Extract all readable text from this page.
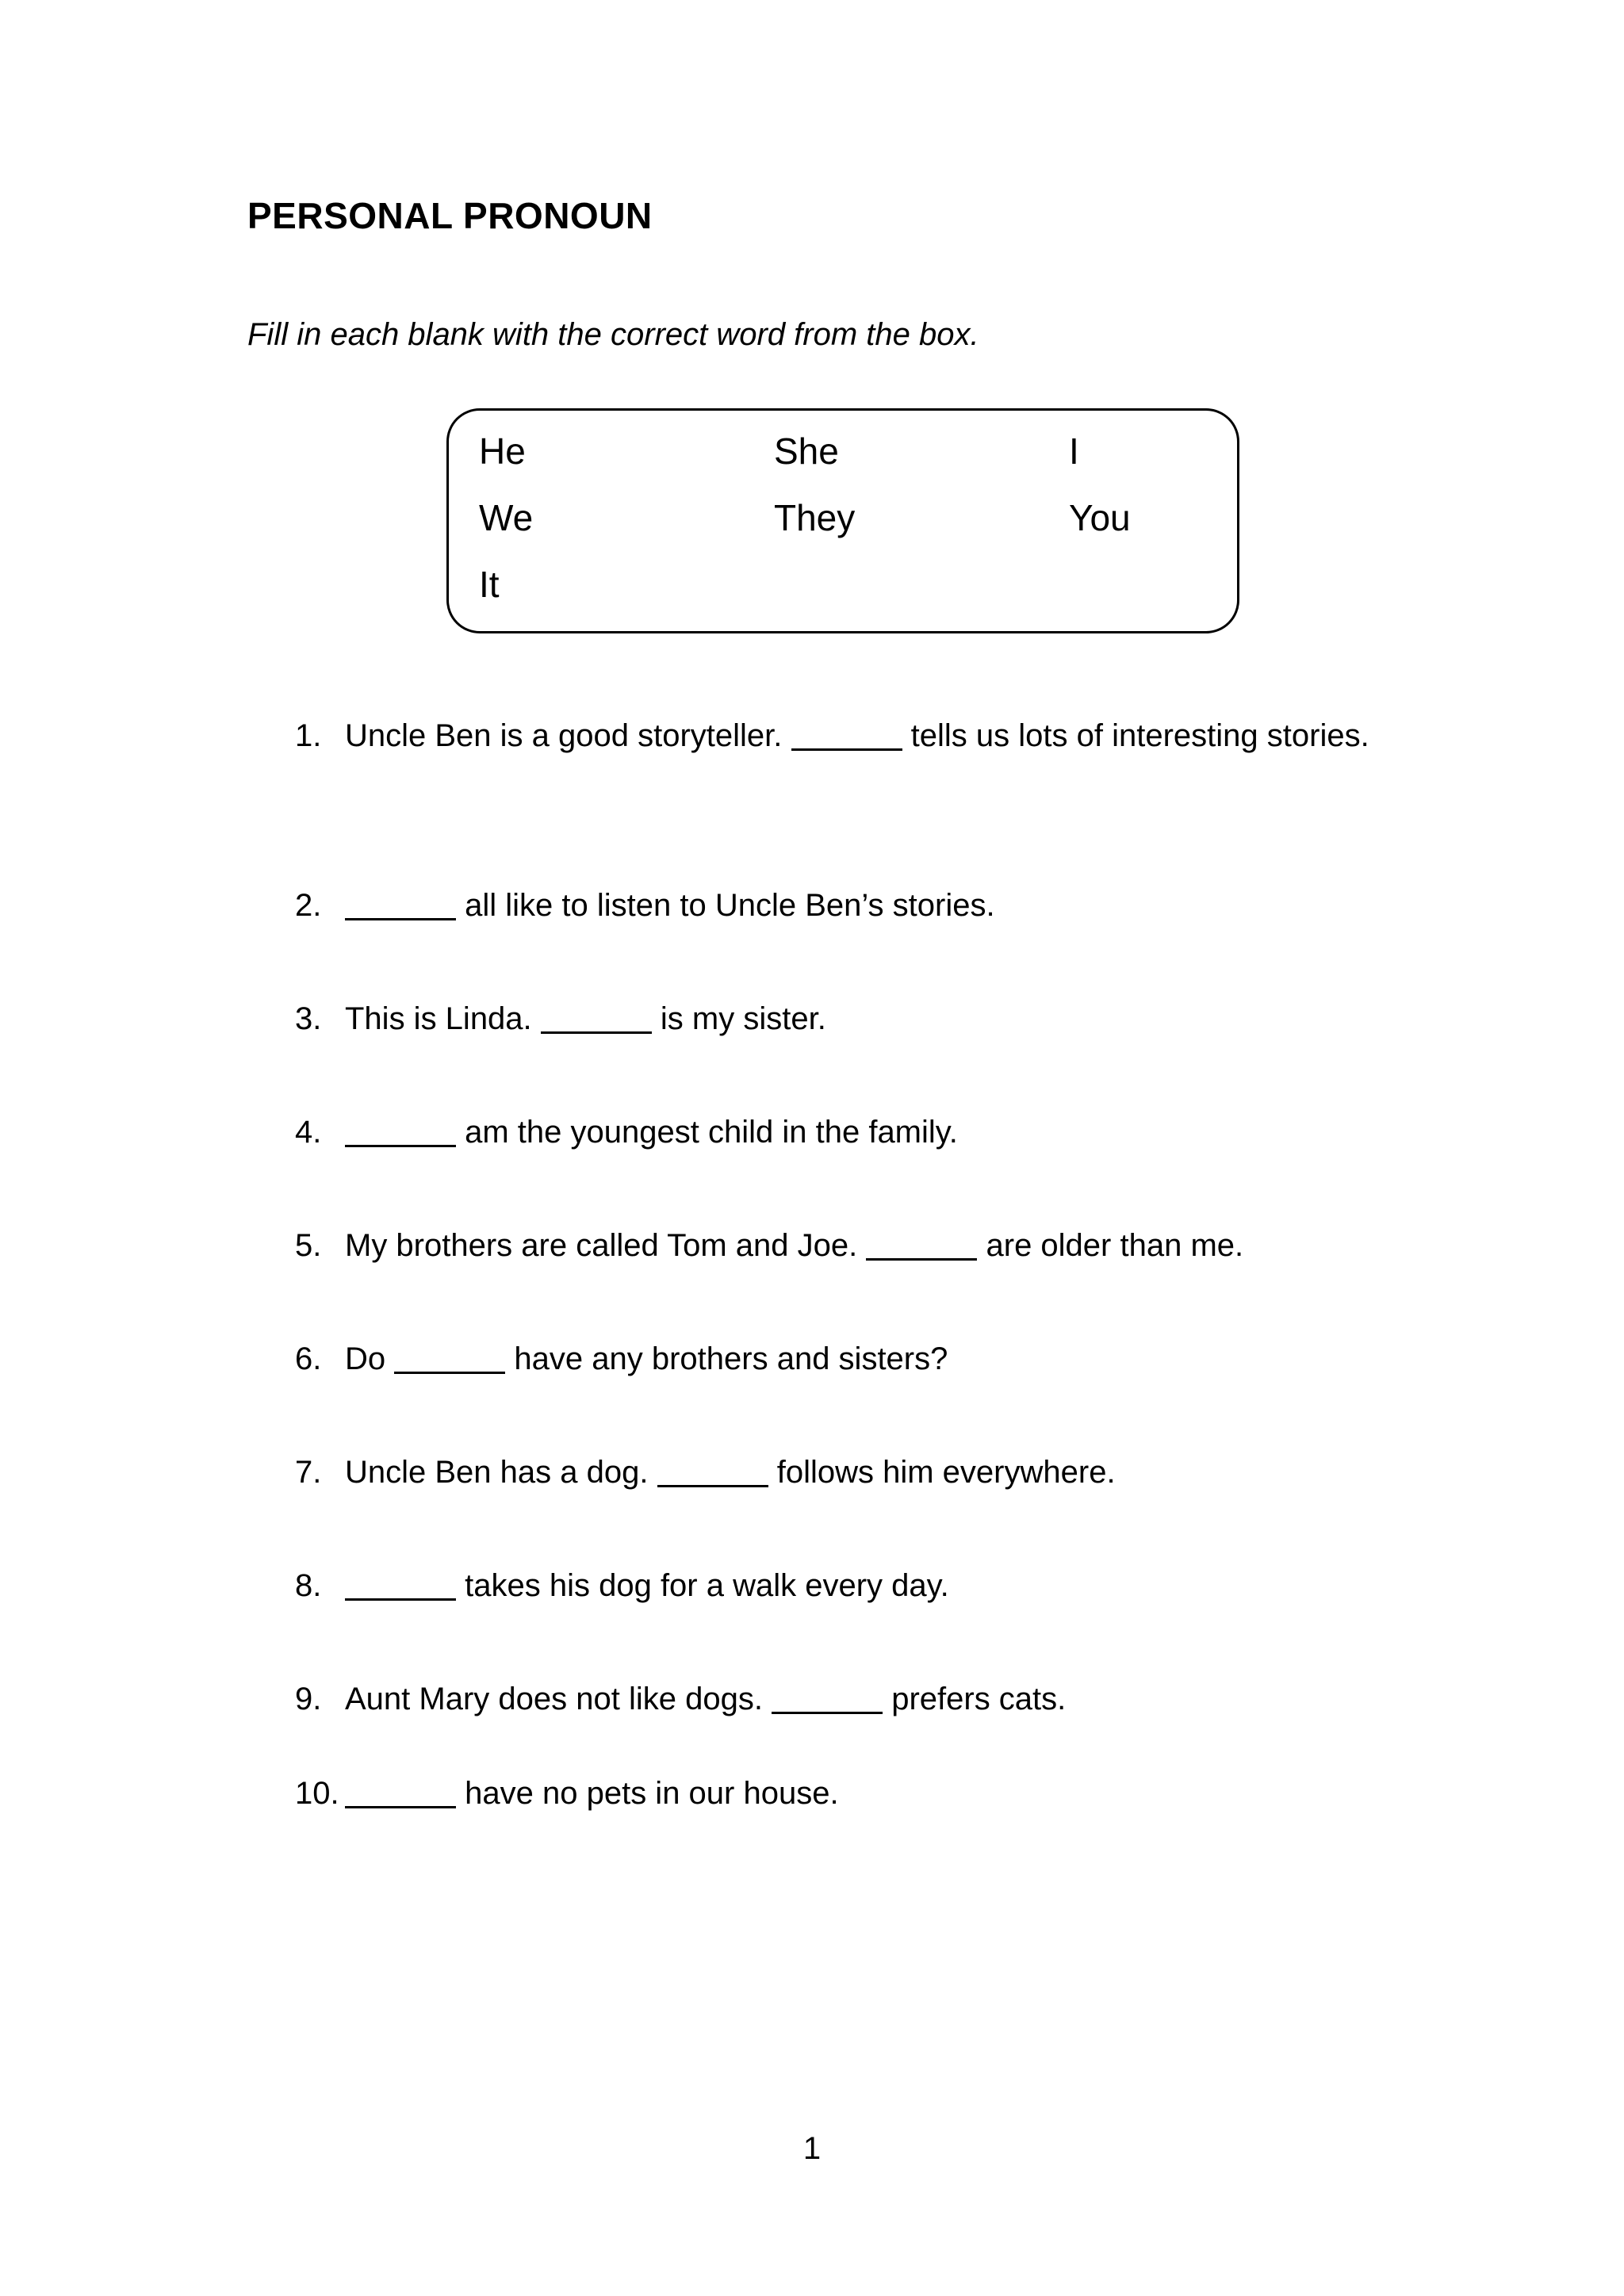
PERSONAL PRONOUN

Fill in each blank with the correct word from the box.

He	She	I
We	They	You
It
1. Uncle Ben is a good storyteller.	tells us lots of interesting stories.
2.	all like to listen to Uncle Ben’s stories.
3. This is Linda.	is my sister.
4.	am the youngest child in the family.
5. My brothers are called Tom and Joe.	are older than me.
6. Do	have any brothers and sisters?
7. Uncle Ben has a dog.	follows him everywhere.
8.	takes his dog for a walk every day.
9. Aunt Mary does not like dogs.	prefers cats.
10.	have no pets in our house.
1
